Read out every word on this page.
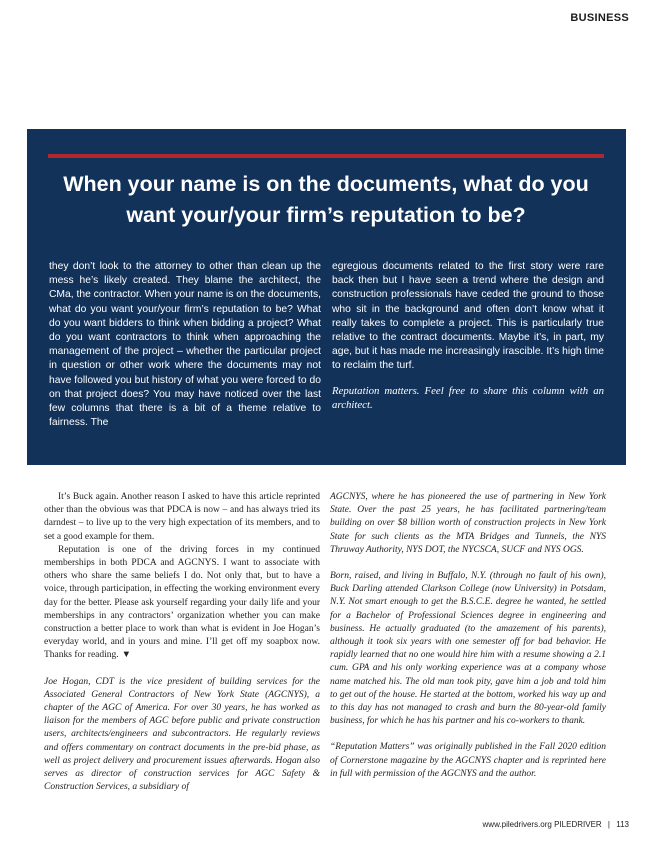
BUSINESS
When your name is on the documents, what do you want your/your firm’s reputation to be?

they don’t look to the attorney to other than clean up the mess he’s likely created. They blame the architect, the CMa, the contractor. When your name is on the documents, what do you want your/your firm’s reputation to be? What do you want bidders to think when bidding a project? What do you want contractors to think when approaching the management of the project – whether the particular project in question or other work where the documents may not have followed you but history of what you were forced to do on that project does? You may have noticed over the last few columns that there is a bit of a theme relative to fairness. The

egregious documents related to the first story were rare back then but I have seen a trend where the design and construction professionals have ceded the ground to those who sit in the background and often don’t know what it really takes to complete a project. This is particularly true relative to the contract documents. Maybe it’s, in part, my age, but it has made me increasingly irascible. It’s high time to reclaim the turf.

Reputation matters. Feel free to share this column with an architect.

It’s Buck again. Another reason I asked to have this article reprinted other than the obvious was that PDCA is now – and has always tried its darndest – to live up to the very high expectation of its members, and to set a good example for them.

Reputation is one of the driving forces in my continued memberships in both PDCA and AGCNYS. I want to associate with others who share the same beliefs I do. Not only that, but to have a voice, through participation, in effecting the working environment every day for the better. Please ask yourself regarding your daily life and your memberships in any contractors’ organization whether you can make construction a better place to work than what is evident in Joe Hogan’s everyday world, and in yours and mine. I’ll get off my soapbox now. Thanks for reading. ▼

Joe Hogan, CDT is the vice president of building services for the Associated General Contractors of New York State (AGCNYS), a chapter of the AGC of America. For over 30 years, he has worked as liaison for the members of AGC before public and private construction users, architects/engineers and subcontractors. He regularly reviews and offers commentary on contract documents in the pre-bid phase, as well as project delivery and procurement issues afterwards. Hogan also serves as director of construction services for AGC Safety & Construction Services, a subsidiary of

AGCNYS, where he has pioneered the use of partnering in New York State. Over the past 25 years, he has facilitated partnering/team building on over $8 billion worth of construction projects in New York State for such clients as the MTA Bridges and Tunnels, the NYS Thruway Authority, NYS DOT, the NYCSCA, SUCF and NYS OGS.

Born, raised, and living in Buffalo, N.Y. (through no fault of his own), Buck Darling attended Clarkson College (now University) in Potsdam, N.Y. Not smart enough to get the B.S.C.E. degree he wanted, he settled for a Bachelor of Professional Sciences degree in engineering and business. He actually graduated (to the amazement of his parents), although it took six years with one semester off for bad behavior. He rapidly learned that no one would hire him with a resume showing a 2.1 cum. GPA and his only working experience was at a company whose name matched his. The old man took pity, gave him a job and told him to get out of the house. He started at the bottom, worked his way up and to this day has not managed to crash and burn the 80-year-old family business, for which he has his partner and his co-workers to thank.

“Reputation Matters” was originally published in the Fall 2020 edition of Cornerstone magazine by the AGCNYS chapter and is reprinted here in full with permission of the AGCNYS and the author.

www.piledrivers.org PILEDRIVER | 113
